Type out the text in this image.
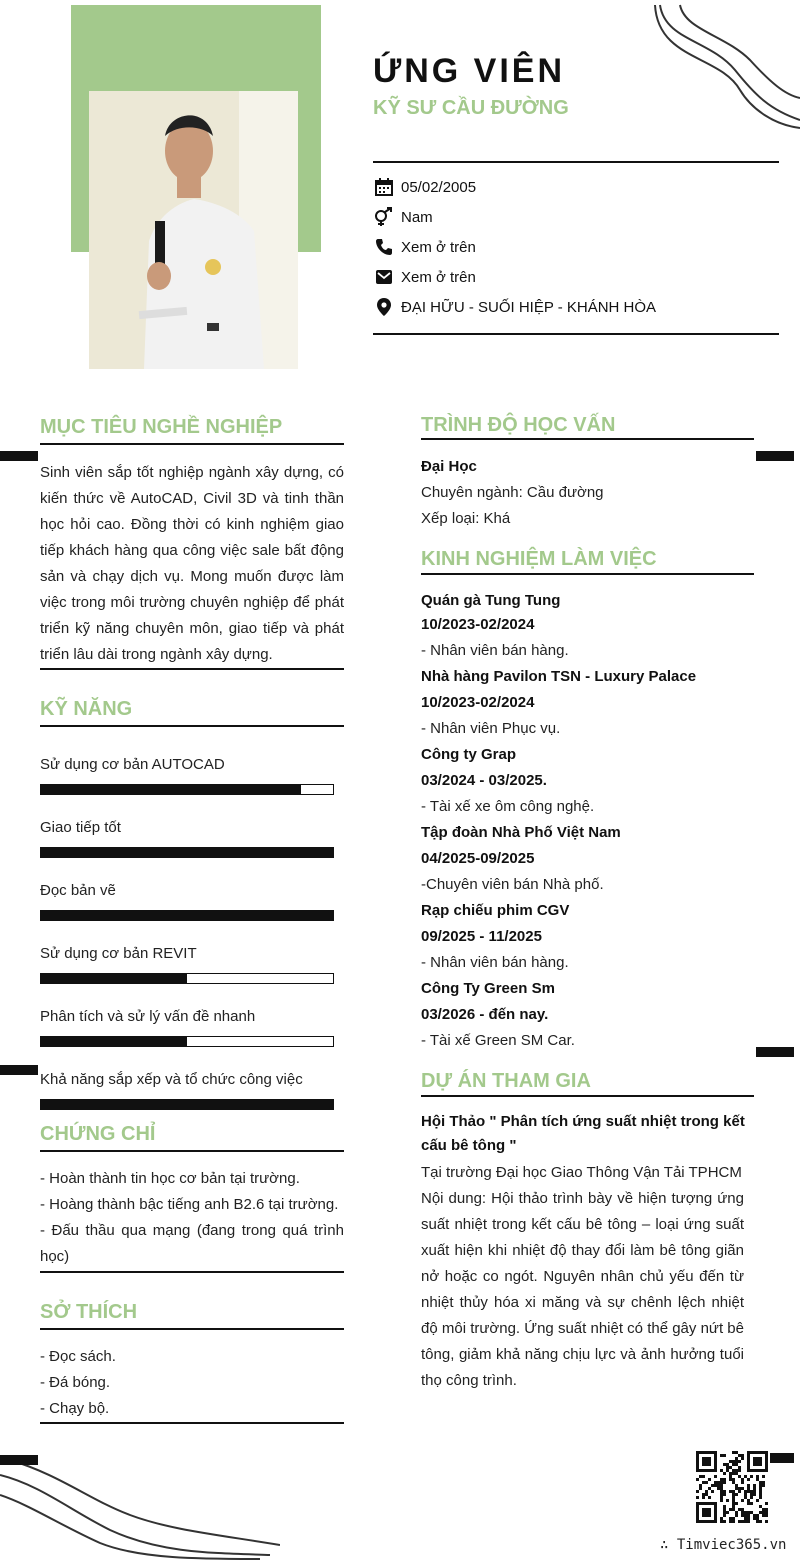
ỨNG VIÊN
KỸ SƯ CẦU ĐƯỜNG
05/02/2005
Nam
Xem ở trên
Xem ở trên
ĐẠI HỮU - SUỐI HIỆP - KHÁNH HÒA
MỤC TIÊU NGHỀ NGHIỆP
Sinh viên sắp tốt nghiệp ngành xây dựng, có kiến thức về AutoCAD, Civil 3D và tinh thần học hỏi cao. Đồng thời có kinh nghiệm giao tiếp khách hàng qua công việc sale bất động sản và chạy dịch vụ. Mong muốn được làm việc trong môi trường chuyên nghiệp để phát triển kỹ năng chuyên môn, giao tiếp và phát triển lâu dài trong ngành xây dựng.
KỸ NĂNG
Sử dụng cơ bản AUTOCAD
Giao tiếp tốt
Đọc bản vẽ
Sử dụng cơ bản REVIT
Phân tích và sử lý vấn đề nhanh
Khả năng sắp xếp và tổ chức công việc
CHỨNG CHỈ
- Hoàn thành tin học cơ bản tại trường.
- Hoàng thành bậc tiếng anh B2.6 tại trường.
- Đấu thầu qua mạng (đang trong quá trình học)
SỞ THÍCH
- Đọc sách.
- Đá bóng.
- Chạy bộ.
TRÌNH ĐỘ HỌC VẤN
Đại Học
Chuyên ngành: Cầu đường
Xếp loại: Khá
KINH NGHIỆM LÀM VIỆC
Quán gà Tung Tung
10/2023-02/2024
- Nhân viên bán hàng.
Nhà hàng Pavilon TSN - Luxury Palace
10/2023-02/2024
- Nhân viên Phục vụ.
Công ty Grap
03/2024 - 03/2025.
- Tài xế xe ôm công nghệ.
Tập đoàn Nhà Phố Việt Nam
04/2025-09/2025
-Chuyên viên bán Nhà phố.
Rạp chiếu phim CGV
09/2025 - 11/2025
- Nhân viên bán hàng.
Công Ty Green Sm
03/2026 - đến nay.
- Tài xế Green SM Car.
DỰ ÁN THAM GIA
Hội Thảo " Phân tích ứng suất nhiệt trong kết cấu bê tông "
Tại trường Đại học Giao Thông Vận Tải TPHCM
Nội dung: Hội thảo trình bày về hiện tượng ứng suất nhiệt trong kết cấu bê tông – loại ứng suất xuất hiện khi nhiệt độ thay đổi làm bê tông giãn nở hoặc co ngót. Nguyên nhân chủ yếu đến từ nhiệt thủy hóa xi măng và sự chênh lệch nhiệt độ môi trường. Ứng suất nhiệt có thể gây nứt bê tông, giảm khả năng chịu lực và ảnh hưởng tuổi thọ công trình.
∴ Timviec365.vn
